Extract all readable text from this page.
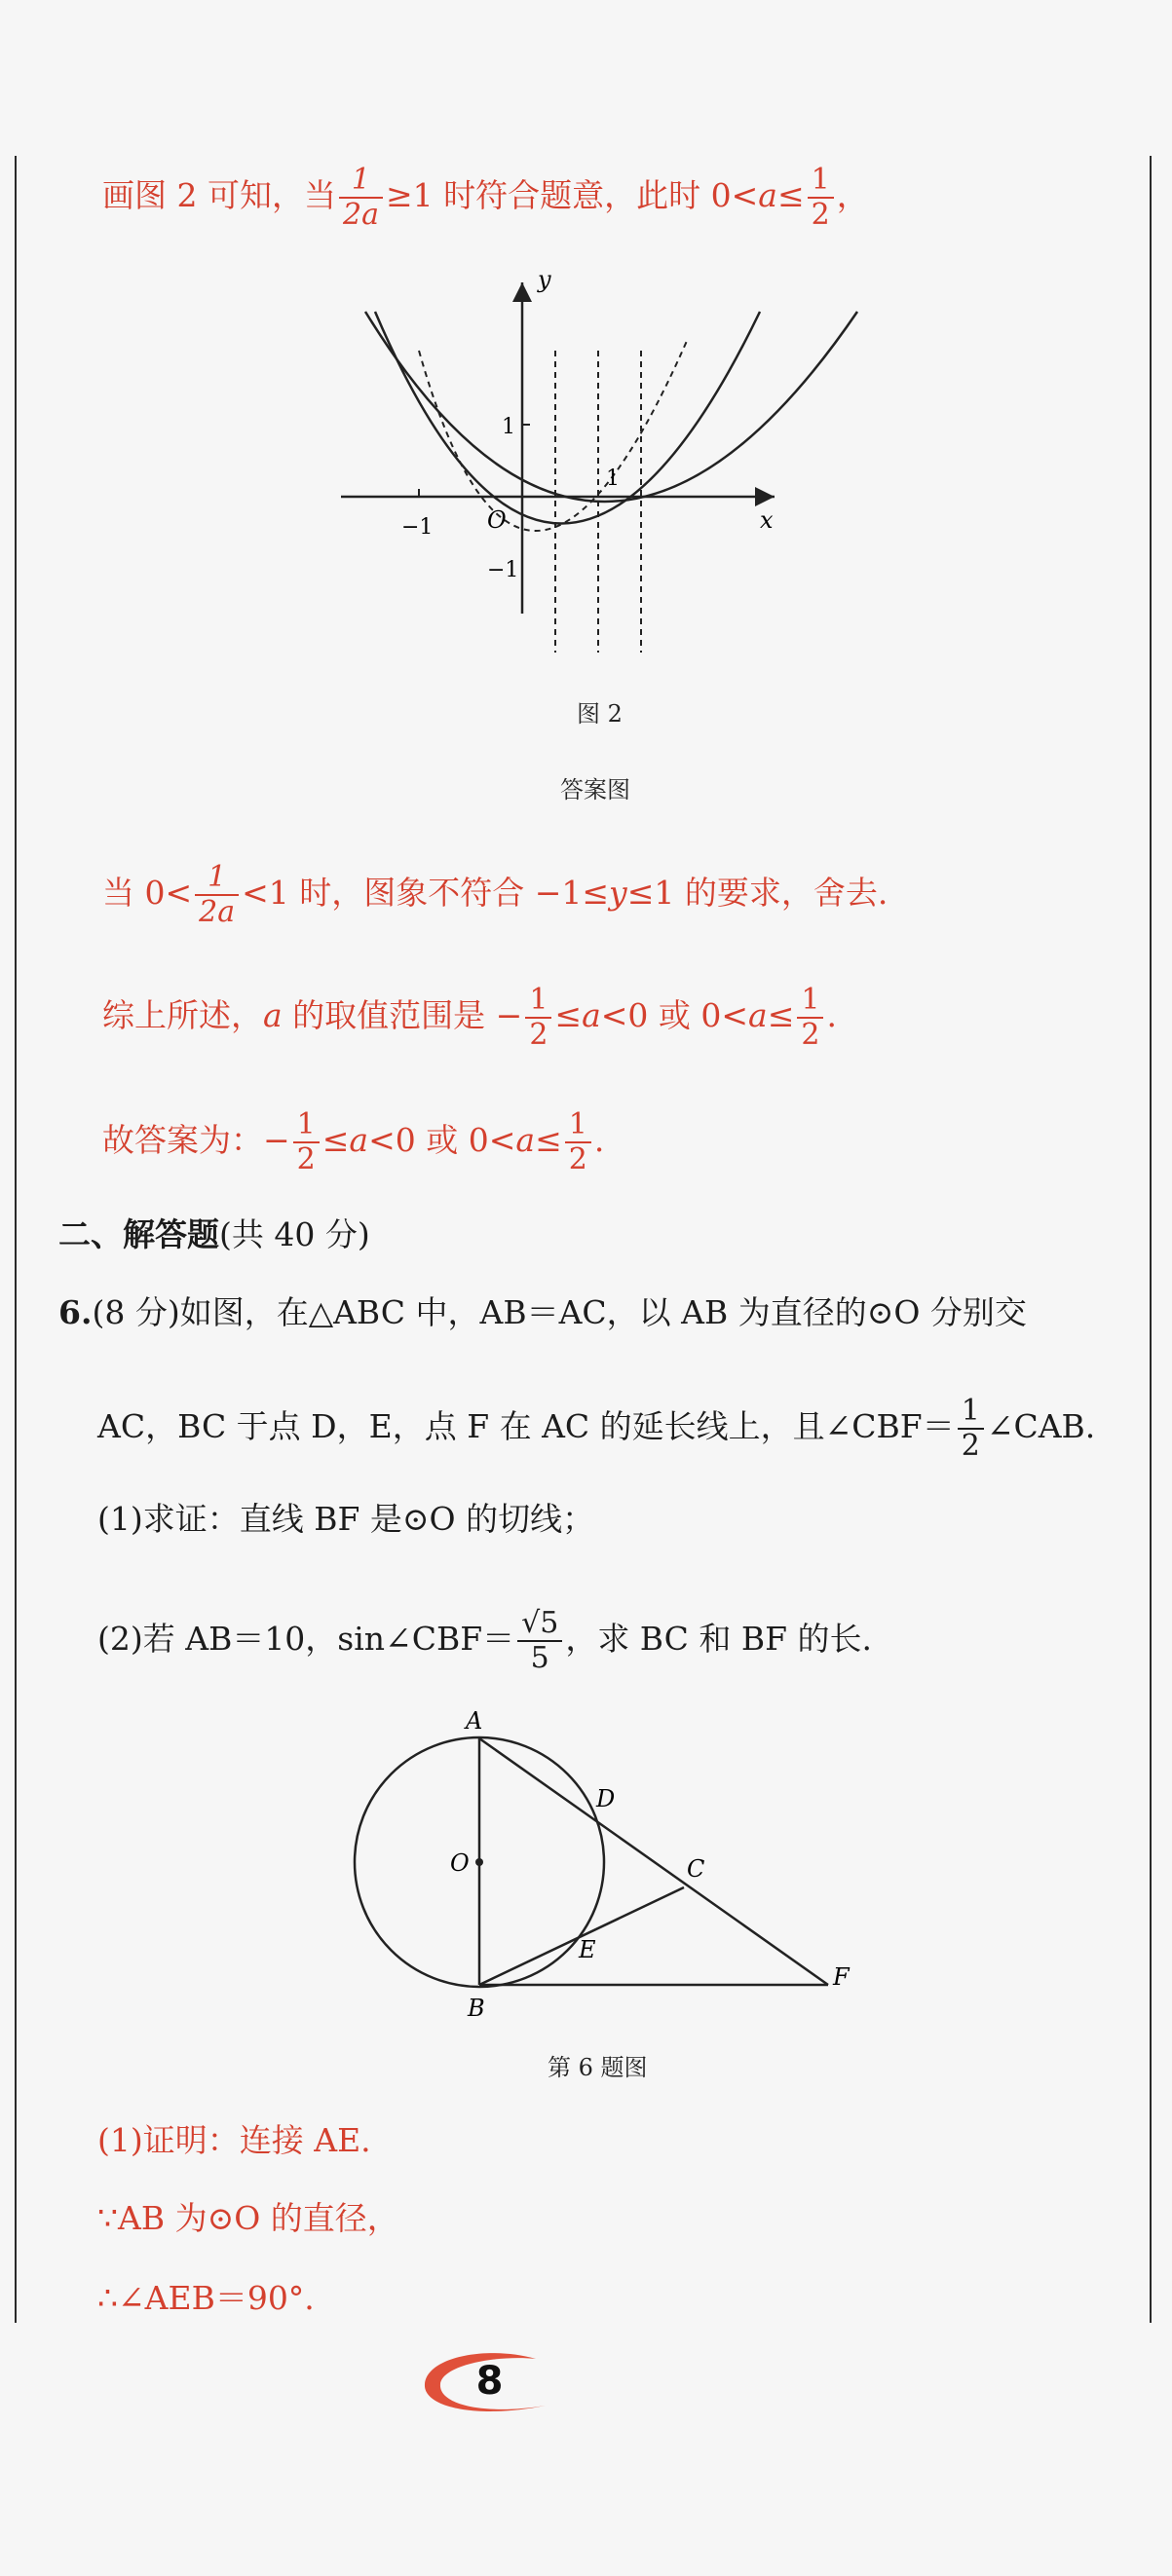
画图 2 可知，当 $\frac{1}{2a} \ge 1$ 时符合题意，此时 $0<a\le \frac{1}{2}$ ，
y
x
O
1
1
−1
−1
图 2
答案图
当 $0< \frac{1}{2a} <1$ 时，图象不符合 −1≤y≤1 的要求，舍去.
综上所述，a 的取值范围是 − $\frac{1}{2} \le a<0$ 或 $0<a\le \frac{1}{2}$ .
故答案为：− $\frac{1}{2} \le a<0$ 或 $0<a\le \frac{1}{2}$ .
二、解答题(共 40 分)
6.(8 分)如图，在△ABC 中，AB＝AC，以 AB 为直径的⊙O 分别交
AC，BC 于点 D，E，点 F 在 AC 的延长线上，且∠CBF＝ $\frac{1}{2}$ ∠CAB.
(1)求证：直线 BF 是⊙O 的切线；
(2)若 AB＝10，sin∠CBF＝ $\frac{√5}{5}$ ，求 BC 和 BF 的长.
A
B
C
D
E
F
O
第 6 题图
(1)证明：连接 AE.
∵AB 为⊙O 的直径，
∴∠AEB＝90°.
8
